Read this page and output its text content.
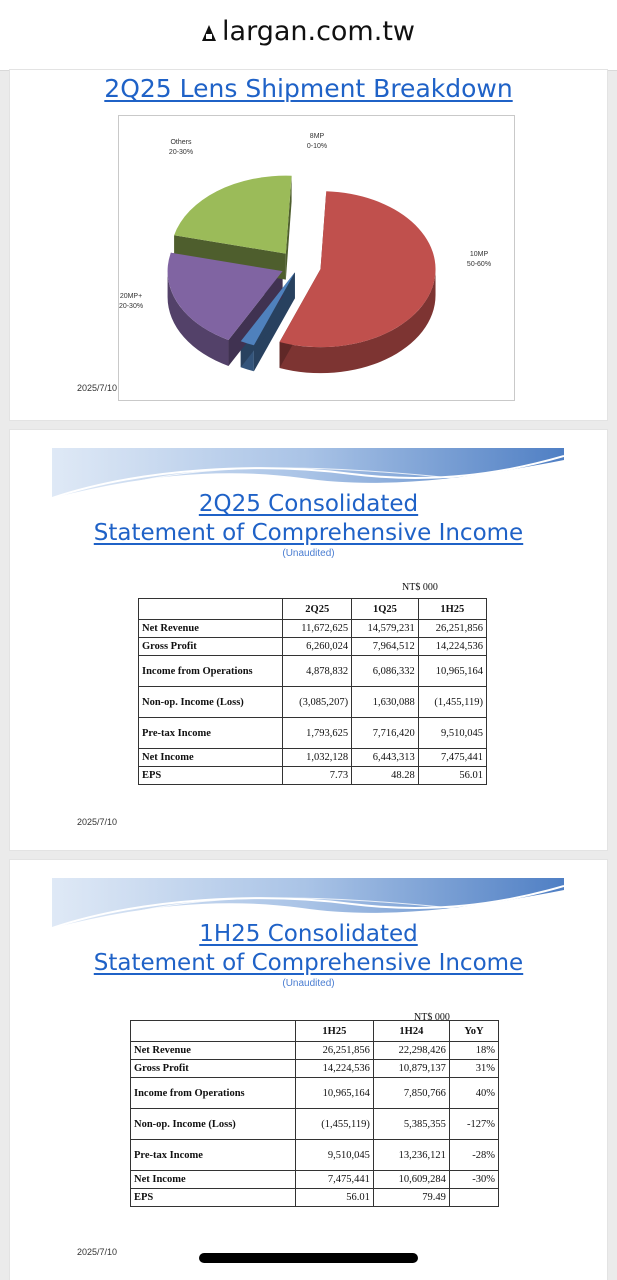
largan.com.tw
2Q25 Lens Shipment Breakdown
10MP
50-60%
8MP
0-10%
Others
20-30%
20MP+
20-30%
2025/7/10
2Q25 Consolidated
Statement of Comprehensive Income
(Unaudited)
NT$ 000
	2Q25	1Q25	1H25
Net Revenue	11,672,625	14,579,231	26,251,856
Gross Profit	6,260,024	7,964,512	14,224,536
Income from Operations	4,878,832	6,086,332	10,965,164
Non-op. Income (Loss)	(3,085,207)	1,630,088	(1,455,119)
Pre-tax Income	1,793,625	7,716,420	9,510,045
Net Income	1,032,128	6,443,313	7,475,441
EPS	7.73	48.28	56.01
2025/7/10
1H25 Consolidated
Statement of Comprehensive Income
(Unaudited)
NT$ 000
	1H25	1H24	YoY
Net Revenue	26,251,856	22,298,426	18%
Gross Profit	14,224,536	10,879,137	31%
Income from Operations	10,965,164	7,850,766	40%
Non-op. Income (Loss)	(1,455,119)	5,385,355	-127%
Pre-tax Income	9,510,045	13,236,121	-28%
Net Income	7,475,441	10,609,284	-30%
EPS	56.01	79.49	
2025/7/10
